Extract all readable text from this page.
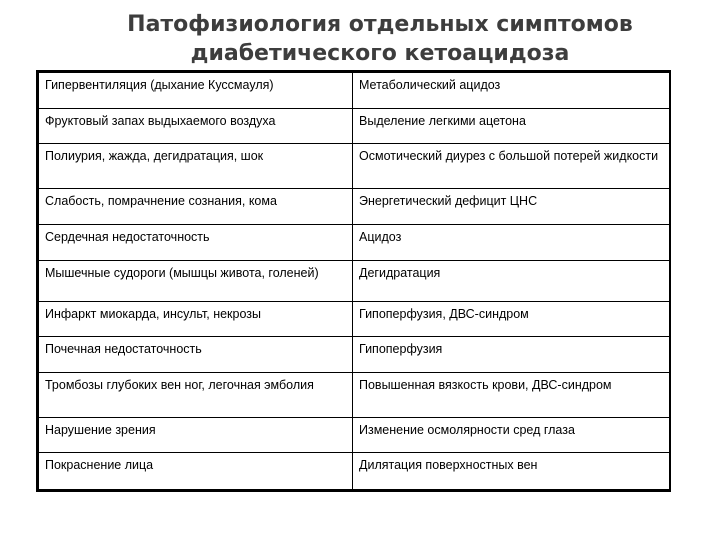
Патофизиология отдельных симптомов
диабетического кетоацидоза
Гипервентиляция (дыхание Куссмауля)	Метаболический ацидоз
Фруктовый запах выдыхаемого воздуха	Выделение легкими ацетона
Полиурия, жажда, дегидратация, шок	Осмотический диурез с большой потерей жидкости
Слабость, помрачнение сознания, кома	Энергетический дефицит ЦНС
Сердечная недостаточность	Ацидоз
Мышечные судороги (мышцы живота, голеней)	Дегидратация
Инфаркт миокарда, инсульт, некрозы	Гипоперфузия, ДВС-синдром
Почечная недостаточность	Гипоперфузия
Тромбозы глубоких вен ног, легочная эмболия	Повышенная вязкость крови, ДВС-синдром
Нарушение зрения	Изменение осмолярности сред глаза
Покраснение лица	Дилятация поверхностных вен
